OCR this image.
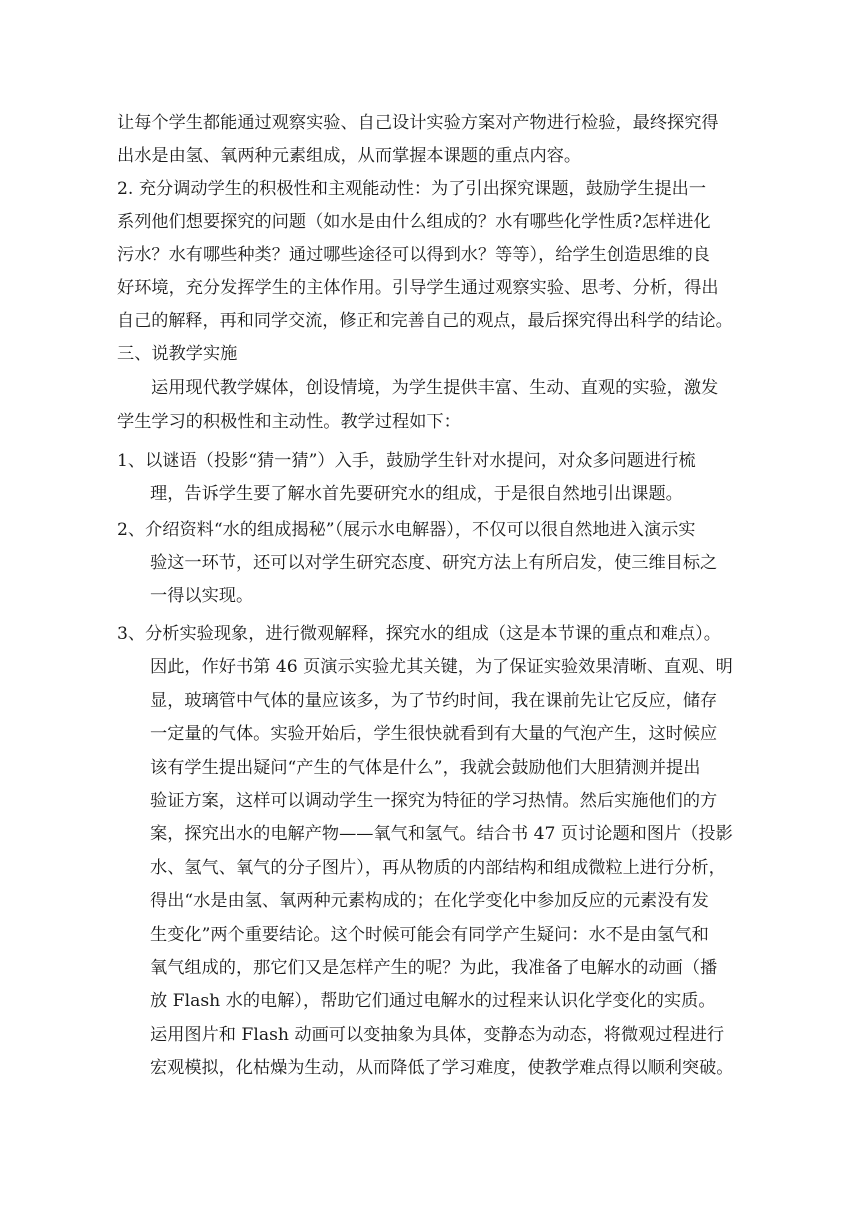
让每个学生都能通过观察实验、自己设计实验方案对产物进行检验，最终探究得
出水是由氢、氧两种元素组成，从而掌握本课题的重点内容。
2. 充分调动学生的积极性和主观能动性：为了引出探究课题，鼓励学生提出一
系列他们想要探究的问题（如水是由什么组成的？水有哪些化学性质?怎样进化
污水？水有哪些种类？通过哪些途径可以得到水？等等），给学生创造思维的良
好环境，充分发挥学生的主体作用。引导学生通过观察实验、思考、分析，得出
自己的解释，再和同学交流，修正和完善自己的观点，最后探究得出科学的结论。
三、说教学实施
运用现代教学媒体，创设情境，为学生提供丰富、生动、直观的实验，激发
学生学习的积极性和主动性。教学过程如下：
1、以谜语（投影“猜一猜”）入手，鼓励学生针对水提问，对众多问题进行梳
理，告诉学生要了解水首先要研究水的组成，于是很自然地引出课题。
2、介绍资料“水的组成揭秘”（展示水电解器），不仅可以很自然地进入演示实
验这一环节，还可以对学生研究态度、研究方法上有所启发，使三维目标之
一得以实现。
3、分析实验现象，进行微观解释，探究水的组成（这是本节课的重点和难点）。
因此，作好书第 46 页演示实验尤其关键，为了保证实验效果清晰、直观、明
显，玻璃管中气体的量应该多，为了节约时间，我在课前先让它反应，储存
一定量的气体。实验开始后，学生很快就看到有大量的气泡产生，这时候应
该有学生提出疑问“产生的气体是什么”，我就会鼓励他们大胆猜测并提出
验证方案，这样可以调动学生一探究为特征的学习热情。然后实施他们的方
案，探究出水的电解产物——氧气和氢气。结合书 47 页讨论题和图片（投影
水、氢气、氧气的分子图片），再从物质的内部结构和组成微粒上进行分析，
得出“水是由氢、氧两种元素构成的；在化学变化中参加反应的元素没有发
生变化”两个重要结论。这个时候可能会有同学产生疑问：水不是由氢气和
氧气组成的，那它们又是怎样产生的呢？为此，我准备了电解水的动画（播
放 Flash 水的电解），帮助它们通过电解水的过程来认识化学变化的实质。
运用图片和 Flash 动画可以变抽象为具体，变静态为动态，将微观过程进行
宏观模拟，化枯燥为生动，从而降低了学习难度，使教学难点得以顺利突破。
